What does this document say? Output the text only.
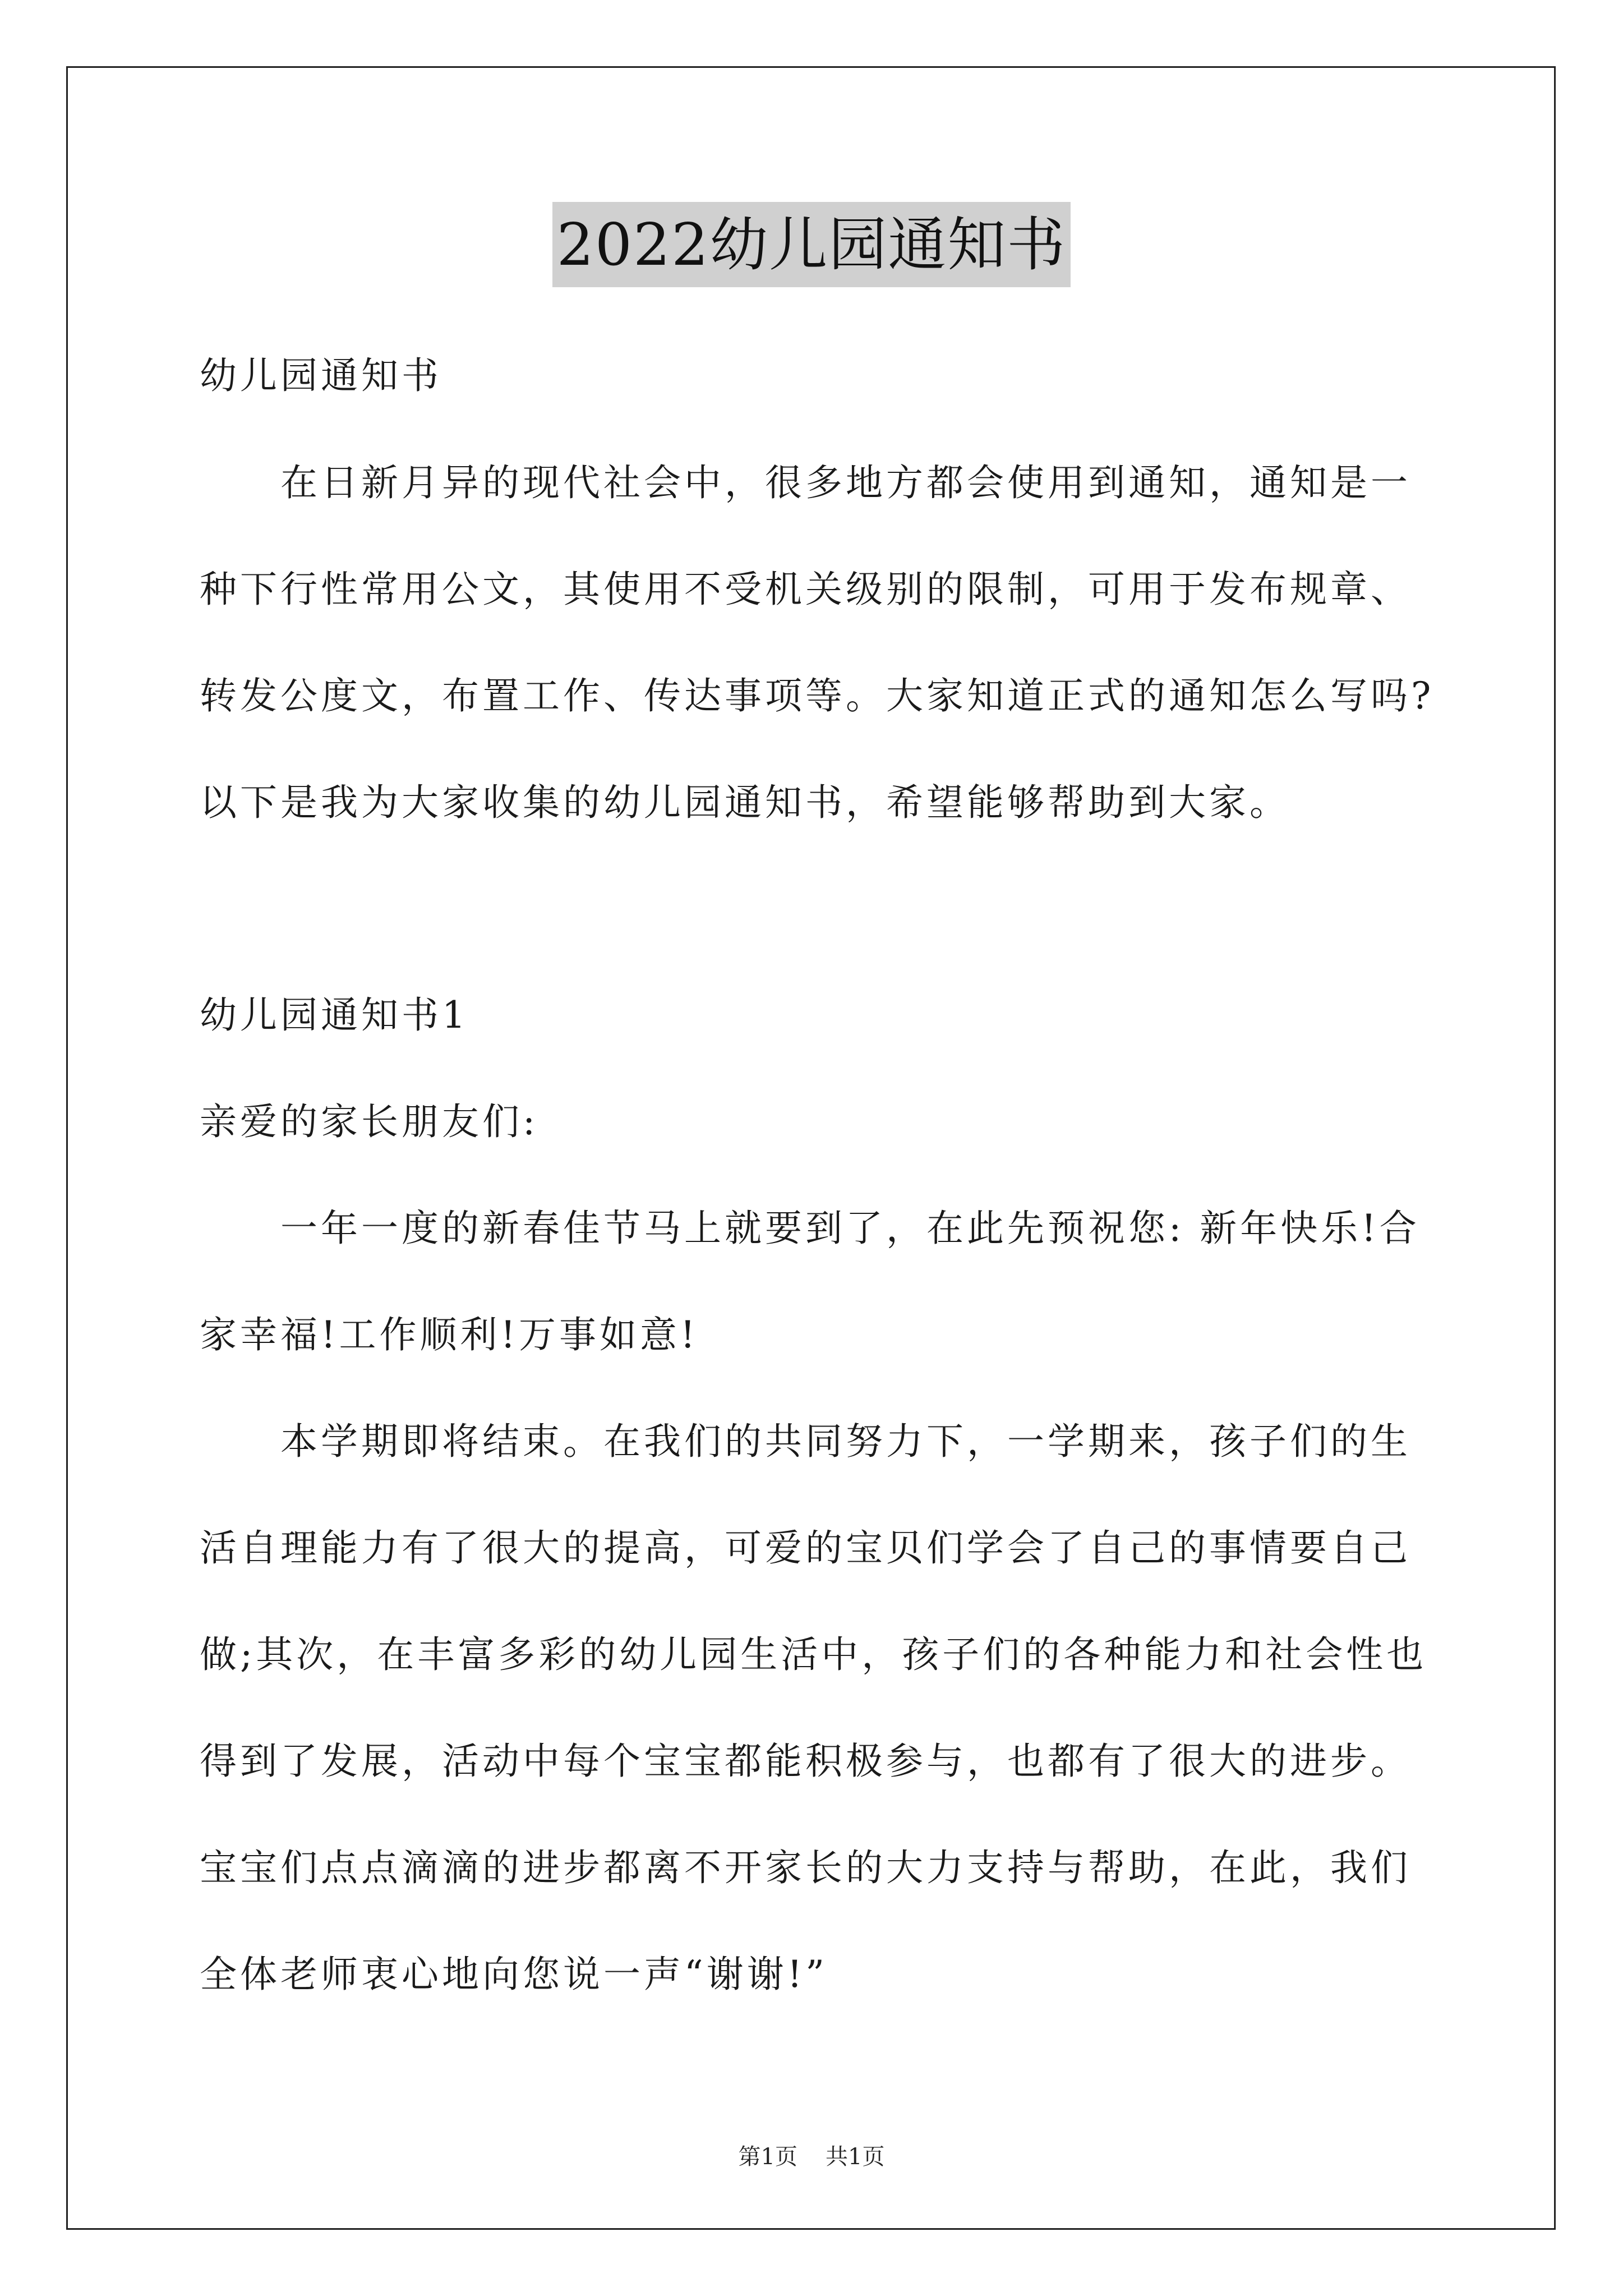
2022幼儿园通知书
幼儿园通知书
在日新月异的现代社会中，很多地方都会使用到通知，通知是一
种下行性常用公文，其使用不受机关级别的限制，可用于发布规章、
转发公度文，布置工作、传达事项等。大家知道正式的通知怎么写吗?
以下是我为大家收集的幼儿园通知书，希望能够帮助到大家。
幼儿园通知书1
亲爱的家长朋友们:
一年一度的新春佳节马上就要到了，在此先预祝您: 新年快乐!合
家幸福!工作顺利!万事如意!
本学期即将结束。在我们的共同努力下，一学期来，孩子们的生
活自理能力有了很大的提高，可爱的宝贝们学会了自己的事情要自己
做;其次，在丰富多彩的幼儿园生活中，孩子们的各种能力和社会性也
得到了发展，活动中每个宝宝都能积极参与，也都有了很大的进步。
宝宝们点点滴滴的进步都离不开家长的大力支持与帮助，在此，我们
全体老师衷心地向您说一声“谢谢!”
第1页 共1页
